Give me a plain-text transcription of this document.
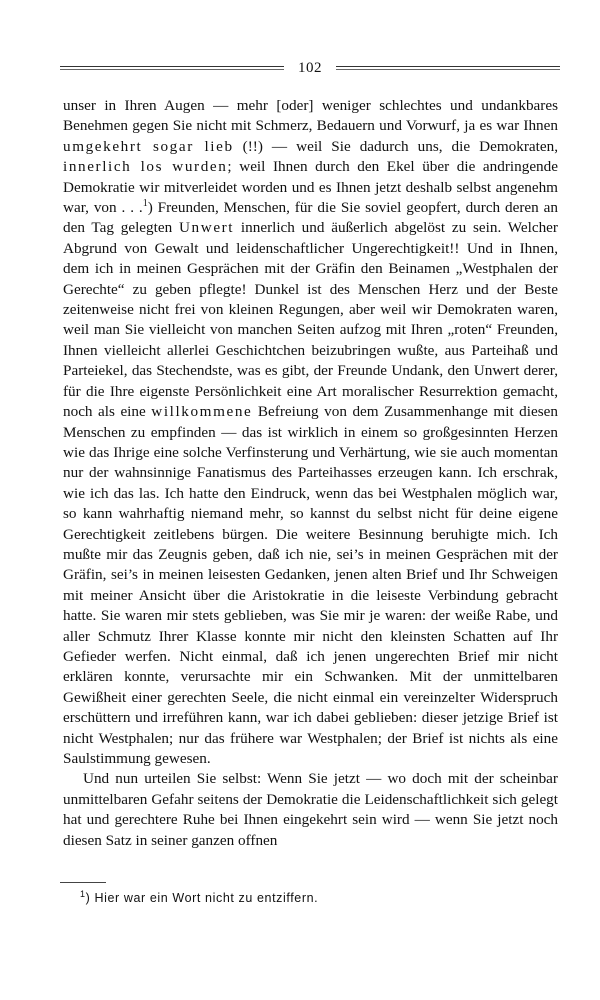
102

unser in Ihren Augen — mehr [oder] weniger schlechtes und undankbares Benehmen gegen Sie nicht mit Schmerz, Bedauern und Vorwurf, ja es war Ihnen umgekehrt sogar lieb (!!) — weil Sie dadurch uns, die Demokraten, innerlich los wurden; weil Ihnen durch den Ekel über die andringende Demokratie wir mitverleidet worden und es Ihnen jetzt deshalb selbst angenehm war, von . . .$^1$) Freunden, Menschen, für die Sie soviel geopfert, durch deren an den Tag gelegten Unwert innerlich und äußerlich abgelöst zu sein. Welcher Abgrund von Gewalt und leidenschaftlicher Ungerechtigkeit!! Und in Ihnen, dem ich in meinen Gesprächen mit der Gräfin den Beinamen „Westphalen der Gerechte“ zu geben pflegte! Dunkel ist des Menschen Herz und der Beste zeitenweise nicht frei von kleinen Regungen, aber weil wir Demokraten waren, weil man Sie vielleicht von manchen Seiten aufzog mit Ihren „roten“ Freunden, Ihnen vielleicht allerlei Geschichtchen beizubringen wußte, aus Parteihaß und Parteiekel, das Stechendste, was es gibt, der Freunde Undank, den Unwert derer, für die Ihre eigenste Persönlichkeit eine Art moralischer Resurrektion gemacht, noch als eine willkommene Befreiung von dem Zusammenhange mit diesen Menschen zu empfinden — das ist wirklich in einem so großgesinnten Herzen wie das Ihrige eine solche Verfinsterung und Verhärtung, wie sie auch momentan nur der wahnsinnige Fanatismus des Parteihasses erzeugen kann. Ich erschrak, wie ich das las. Ich hatte den Eindruck, wenn das bei Westphalen möglich war, so kann wahrhaftig niemand mehr, so kannst du selbst nicht für deine eigene Gerechtigkeit zeitlebens bürgen. Die weitere Besinnung beruhigte mich. Ich mußte mir das Zeugnis geben, daß ich nie, sei’s in meinen Gesprächen mit der Gräfin, sei’s in meinen leisesten Gedanken, jenen alten Brief und Ihr Schweigen mit meiner Ansicht über die Aristokratie in die leiseste Verbindung gebracht hatte. Sie waren mir stets geblieben, was Sie mir je waren: der weiße Rabe, und aller Schmutz Ihrer Klasse konnte mir nicht den kleinsten Schatten auf Ihr Gefieder werfen. Nicht einmal, daß ich jenen ungerechten Brief mir nicht erklären konnte, verursachte mir ein Schwanken. Mit der unmittelbaren Gewißheit einer gerechten Seele, die nicht einmal ein vereinzelter Widerspruch erschüttern und irreführen kann, war ich dabei geblieben: dieser jetzige Brief ist nicht Westphalen; nur das frühere war Westphalen; der Brief ist nichts als eine Saulstimmung gewesen.

Und nun urteilen Sie selbst: Wenn Sie jetzt — wo doch mit der scheinbar unmittelbaren Gefahr seitens der Demokratie die Leidenschaftlichkeit sich gelegt hat und gerechtere Ruhe bei Ihnen eingekehrt sein wird — wenn Sie jetzt noch diesen Satz in seiner ganzen offnen

$^1$) Hier war ein Wort nicht zu entziffern.
